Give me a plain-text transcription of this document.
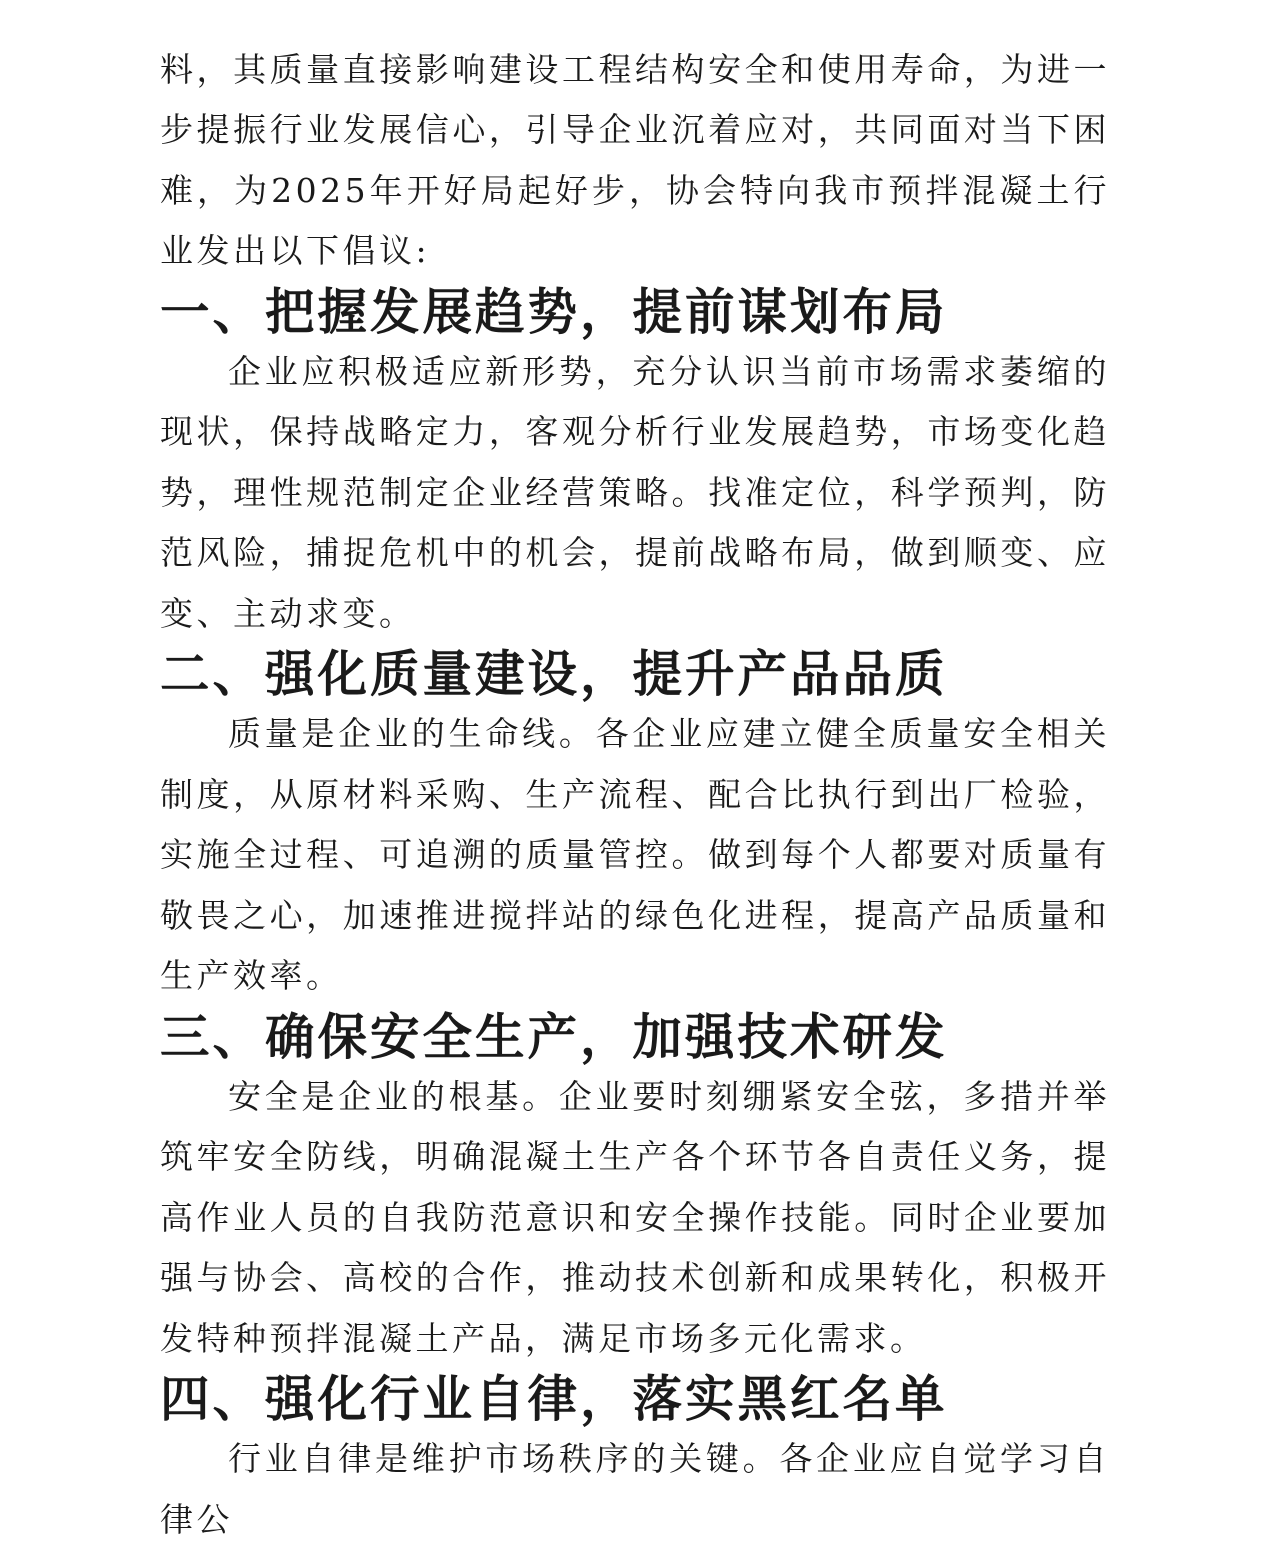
料，其质量直接影响建设工程结构安全和使用寿命，为进一步提振行业发展信心，引导企业沉着应对，共同面对当下困难，为2025年开好局起好步，协会特向我市预拌混凝土行业发出以下倡议:

一、把握发展趋势，提前谋划布局

企业应积极适应新形势，充分认识当前市场需求萎缩的现状，保持战略定力，客观分析行业发展趋势，市场变化趋势，理性规范制定企业经营策略。找准定位，科学预判，防范风险，捕捉危机中的机会，提前战略布局，做到顺变、应变、主动求变。

二、强化质量建设，提升产品品质

质量是企业的生命线。各企业应建立健全质量安全相关制度，从原材料采购、生产流程、配合比执行到出厂检验，实施全过程、可追溯的质量管控。做到每个人都要对质量有敬畏之心，加速推进搅拌站的绿色化进程，提高产品质量和生产效率。

三、确保安全生产，加强技术研发

安全是企业的根基。企业要时刻绷紧安全弦，多措并举筑牢安全防线，明确混凝土生产各个环节各自责任义务，提高作业人员的自我防范意识和安全操作技能。同时企业要加强与协会、高校的合作，推动技术创新和成果转化，积极开发特种预拌混凝土产品，满足市场多元化需求。

四、强化行业自律，落实黑红名单

行业自律是维护市场秩序的关键。各企业应自觉学习自律公
